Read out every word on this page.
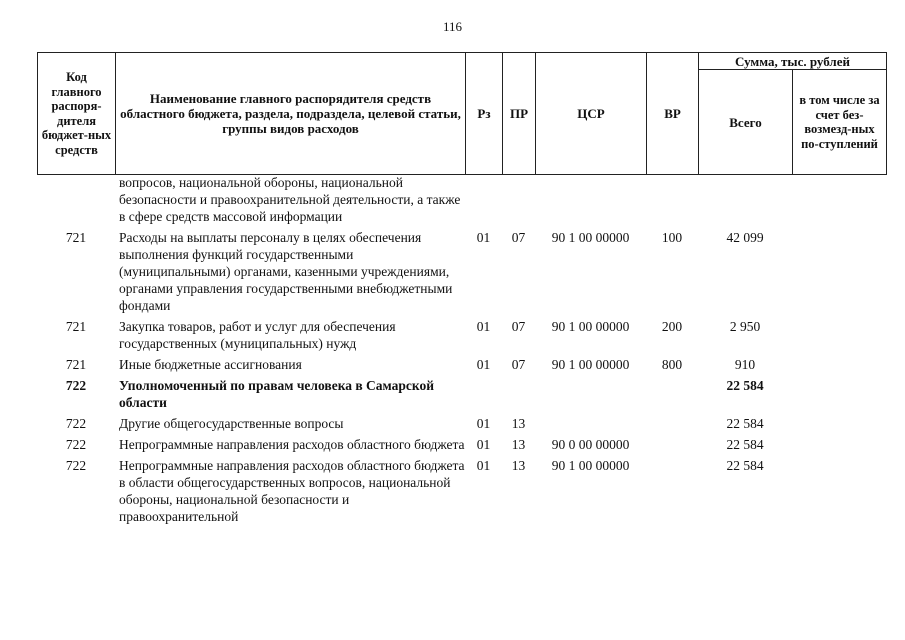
116
Код главного распоря-дителя бюджет-ных средств	Наименование главного распорядителя средств областного бюджета, раздела, подраздела, целевой статьи, группы видов расходов	Рз	ПР	ЦСР	ВР	Сумма, тыс. рублей	
						Всего	в том числе за счет без-возмезд-ных по-ступлений
	вопросов, национальной обороны, национальной безопасности и правоохранительной деятельности, а также в сфере средств массовой информации						
721	Расходы на выплаты персоналу в целях обеспечения выполнения функций государственными (муниципальными) органами, казенными учреждениями, органами управления государственными внебюджетными фондами	01	07	90 1 00 00000	100	42 099	
721	Закупка товаров, работ и услуг для обеспечения государственных (муниципальных) нужд	01	07	90 1 00 00000	200	2 950	
721	Иные бюджетные ассигнования	01	07	90 1 00 00000	800	910	
722	Уполномоченный по правам человека в Самарской области					22 584	
722	Другие общегосударственные вопросы	01	13			22 584	
722	Непрограммные направления расходов областного бюджета	01	13	90 0 00 00000		22 584	
722	Непрограммные направления расходов областного бюджета в области общегосударственных вопросов, национальной обороны, национальной безопасности и правоохранительной	01	13	90 1 00 00000		22 584	
